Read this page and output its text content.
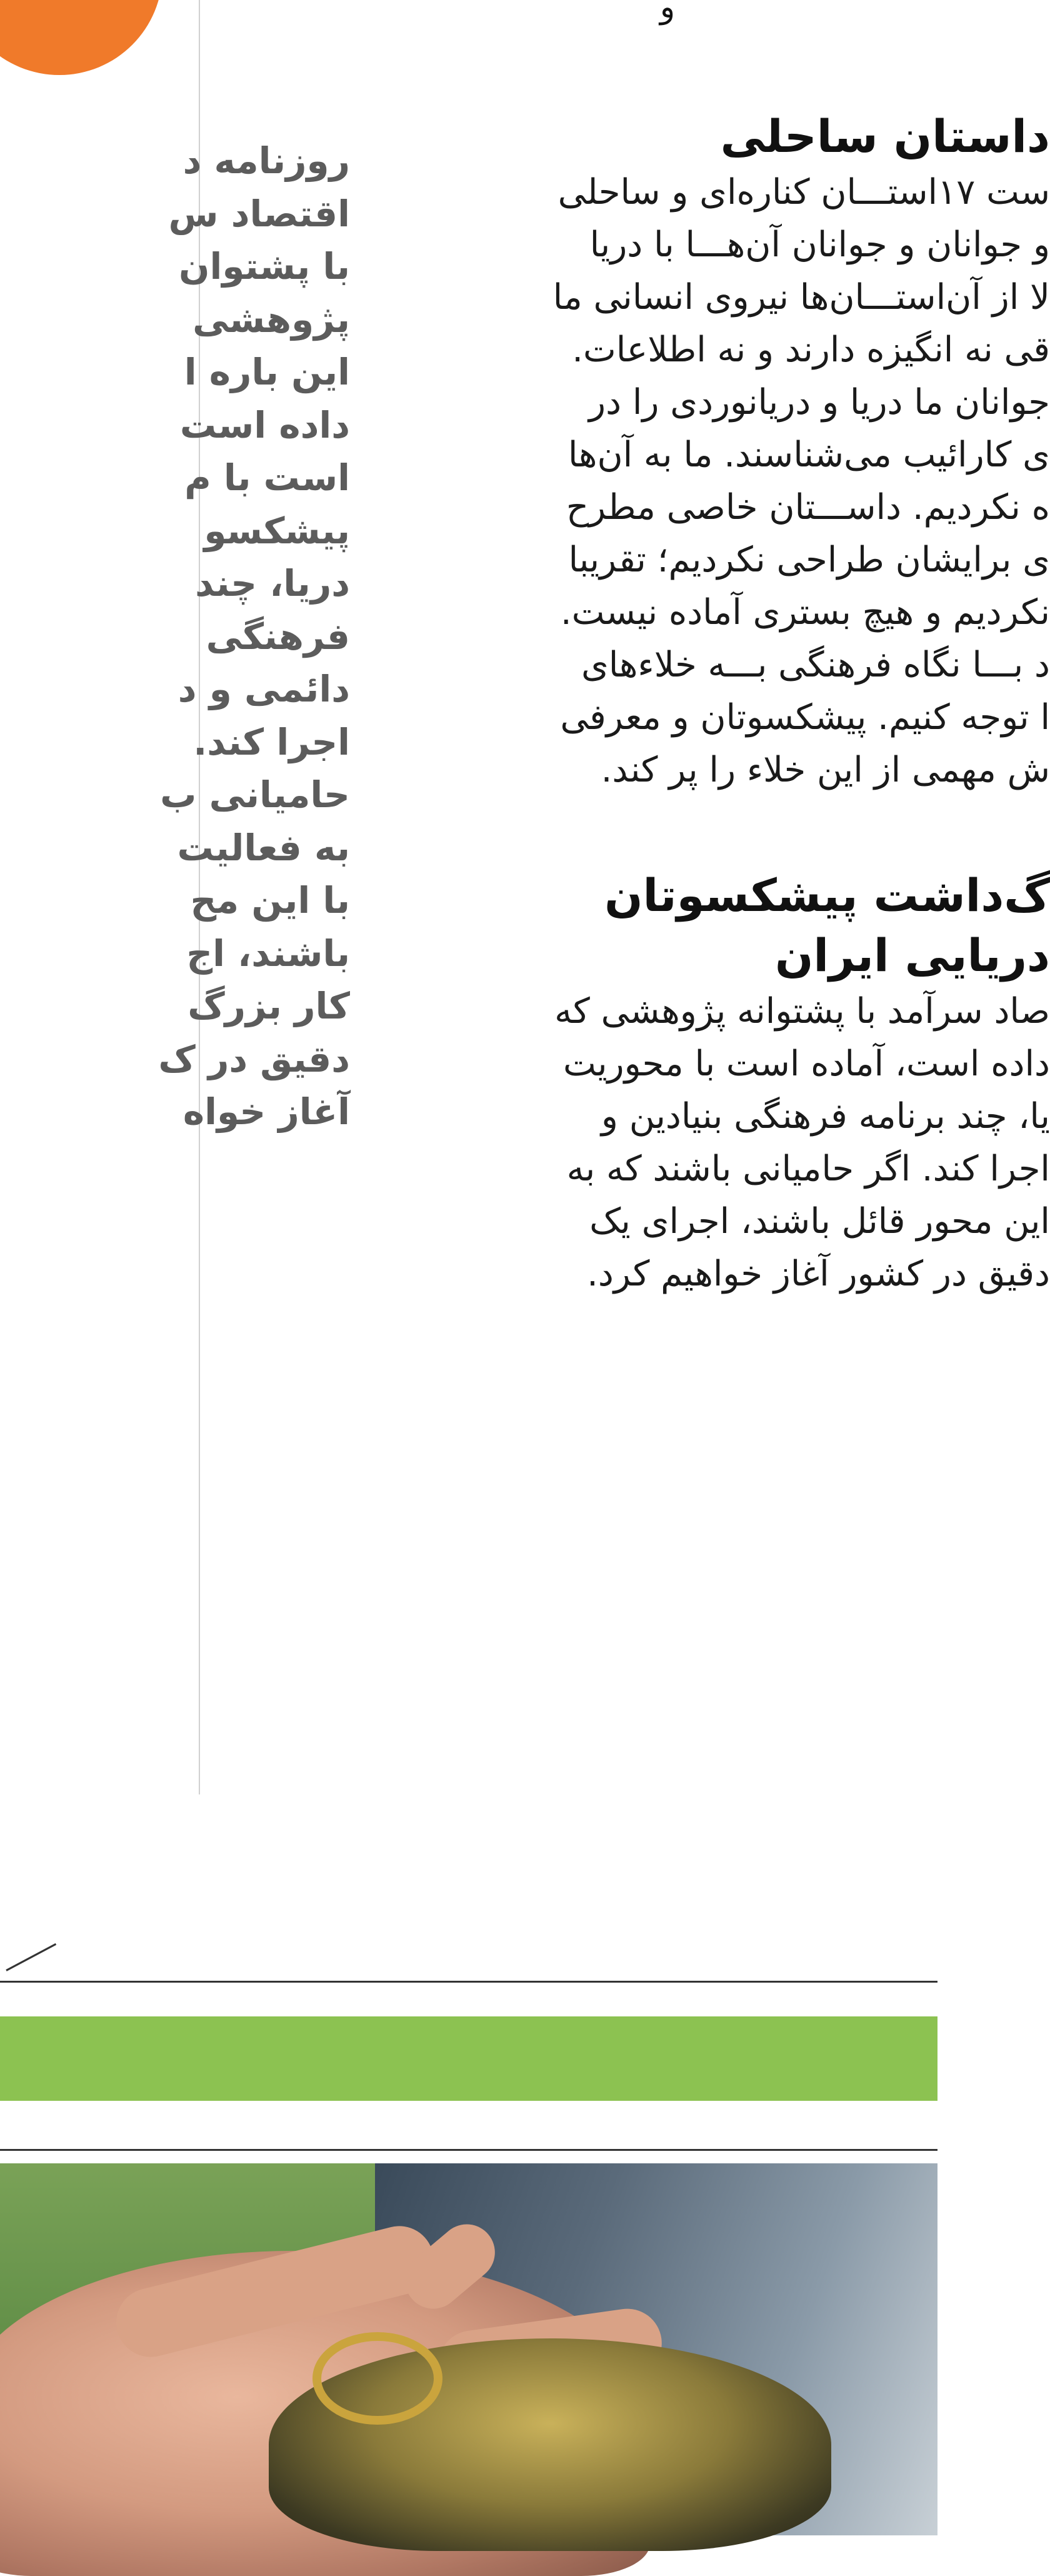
و
روزنامه د
اقتصاد س
با پشتوان
پژوهشی
این باره ا
داده است
است با م
پیشکسو
دریا، چند
فرهنگی
دائمی و د
اجرا کند.
حامیانی ب
به فعالیت
با این مح
باشند، اج
کار بزرگ
دقیق در ک
آغاز خواه
داستان ساحلی

ست ۱۷استـــان کناره‌ای و ساحلی
و جوانان و جوانان آن‌هـــا با دریا
لا از آن‌استـــان‌ها نیروی انسانی ما
قی نه انگیزه دارند و نه اطلاعات.
جوانان ما دریا و دریانوردی را در
ی کارائیب می‌شناسند. ما به آن‌ها
ه نکردیم. داســـتان خاصی مطرح
ی برایشان طراحی نکردیم؛ تقریبا
نکردیم و هیچ بستری آماده نیست.
د بـــا نگاه فرهنگی بـــه خلاء‌های
ا توجه کنیم. پیشکسوتان و معرفی
ش مهمی از این خلاء را پر کند.

گ‌داشت پیشکسوتان
دریایی ایران

صاد سرآمد با پشتوانه پژوهشی که
داده است، آماده است با محوریت
یا، چند برنامه فرهنگی بنیادین و
اجرا کند. اگر حامیانی باشند که به
این محور قائل باشند، اجرای یک
دقیق در کشور آغاز خواهیم کرد.
